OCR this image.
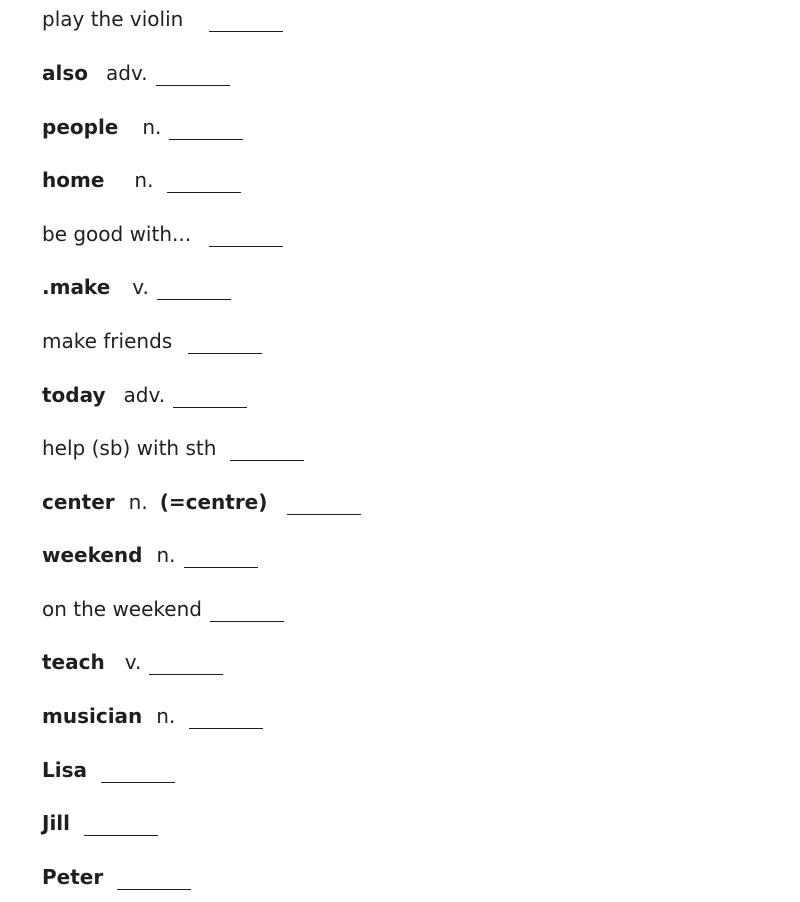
play the violin
also adv.
people n.
home n.
be good with...
.make v.
make friends
today adv.
help (sb) with sth
center n. (=centre)
weekend n.
on the weekend
teach v.
musician n.
Lisa
Jill
Peter
